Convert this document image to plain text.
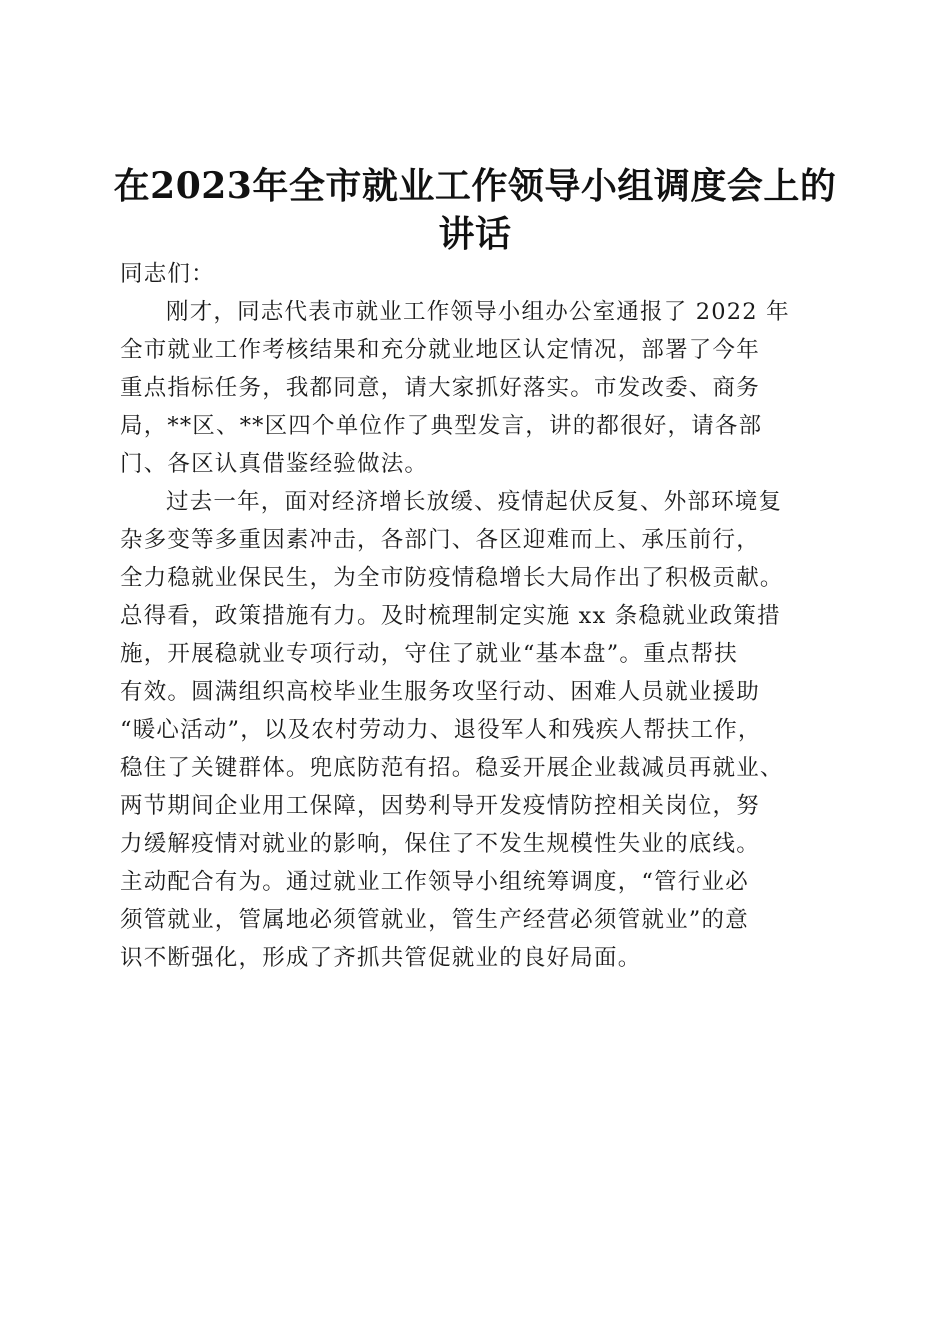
在2023年全市就业工作领导小组调度会上的
讲话

同志们：

刚才，同志代表市就业工作领导小组办公室通报了 2022 年
全市就业工作考核结果和充分就业地区认定情况，部署了今年
重点指标任务，我都同意，请大家抓好落实。市发改委、商务
局，**区、**区四个单位作了典型发言，讲的都很好，请各部
门、各区认真借鉴经验做法。

过去一年，面对经济增长放缓、疫情起伏反复、外部环境复
杂多变等多重因素冲击，各部门、各区迎难而上、承压前行，
全力稳就业保民生，为全市防疫情稳增长大局作出了积极贡献。
总得看，政策措施有力。及时梳理制定实施 xx 条稳就业政策措
施，开展稳就业专项行动，守住了就业“基本盘”。重点帮扶
有效。圆满组织高校毕业生服务攻坚行动、困难人员就业援助
“暖心活动”，以及农村劳动力、退役军人和残疾人帮扶工作，
稳住了关键群体。兜底防范有招。稳妥开展企业裁减员再就业、
两节期间企业用工保障，因势利导开发疫情防控相关岗位，努
力缓解疫情对就业的影响，保住了不发生规模性失业的底线。
主动配合有为。通过就业工作领导小组统筹调度，“管行业必
须管就业，管属地必须管就业，管生产经营必须管就业”的意
识不断强化，形成了齐抓共管促就业的良好局面。
